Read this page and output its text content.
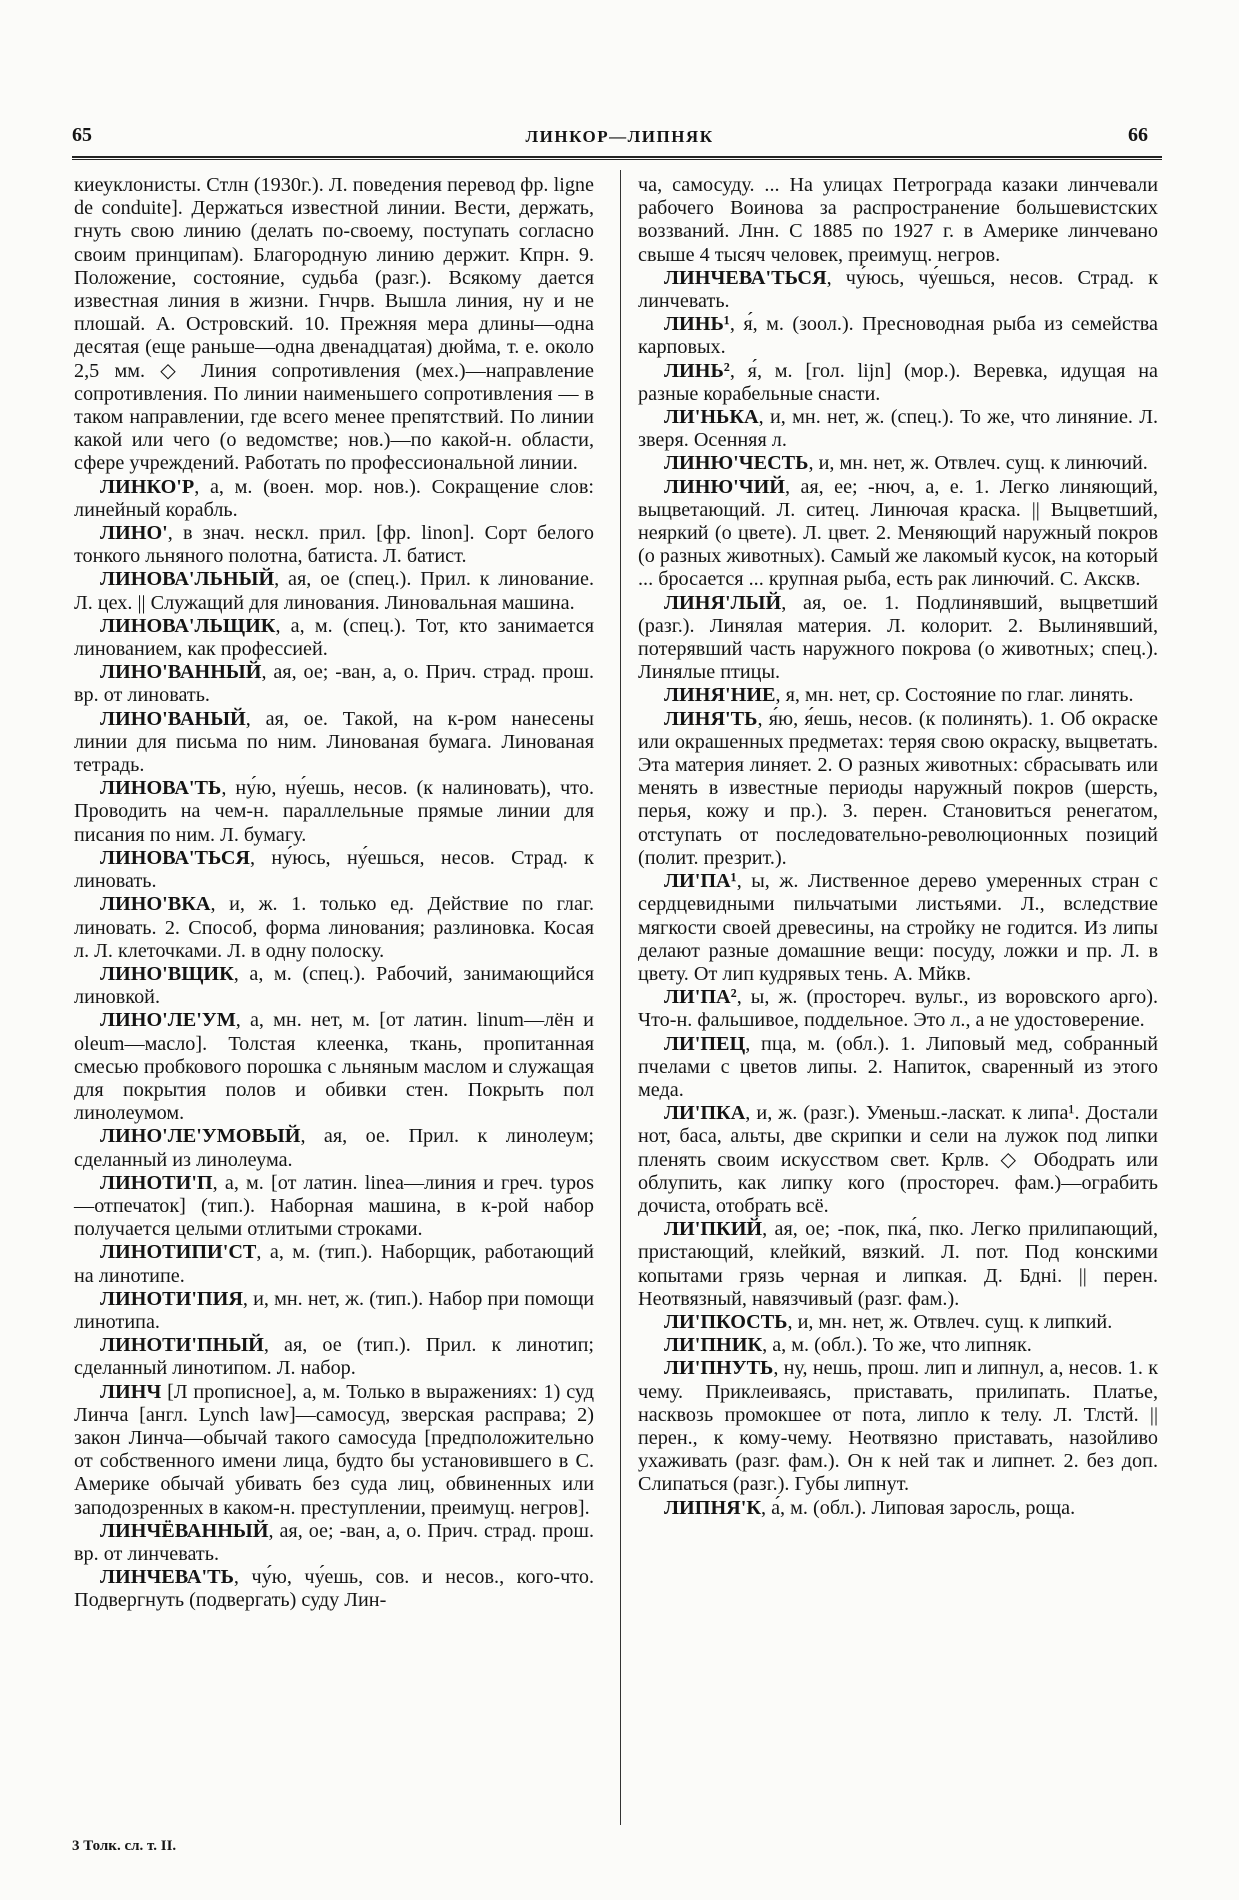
65	ЛИНКОР—ЛИПНЯК	66

киеуклонисты. Стлн (1930г.). Л. поведения перевод фр. ligne de conduite]. Держаться известной линии. Вести, держать, гнуть свою линию (делать по-своему, поступать согласно своим принципам). Благородную линию держит. Кпрн. 9. Положение, состояние, судьба (разг.). Всякому дается известная линия в жизни. Гнчрв. Вышла линия, ну и не плошай. А. Островский. 10. Прежняя мера длины—одна десятая (еще раньше—одна двенадцатая) дюйма, т. е. около 2,5 мм. ◇ Линия сопротивления (мех.)—направление сопротивления. По линии наименьшего сопротивления — в таком направлении, где всего менее препятствий. По линии какой или чего (о ведомстве; нов.)—по какой-н. области, сфере учреждений. Работать по профессиональной линии.

ЛИНКО'Р, а, м. (воен. мор. нов.). Сокращение слов: линейный корабль.

ЛИНО', в знач. нескл. прил. [фр. linon]. Сорт белого тонкого льняного полотна, батиста. Л. батист.

ЛИНОВА'ЛЬНЫЙ, ая, ое (спец.). Прил. к линование. Л. цех. || Служащий для линования. Линовальная машина.

ЛИНОВА'ЛЬЩИК, а, м. (спец.). Тот, кто занимается линованием, как профессией.

ЛИНО'ВАННЫЙ, ая, ое; -ван, а, о. Прич. страд. прош. вр. от линовать.

ЛИНО'ВАНЫЙ, ая, ое. Такой, на к-ром нанесены линии для письма по ним. Линованая бумага. Линованая тетрадь.

ЛИНОВА'ТЬ, ну́ю, ну́ешь, несов. (к налиновать), что. Проводить на чем-н. параллельные прямые линии для писания по ним. Л. бумагу.

ЛИНОВА'ТЬСЯ, ну́юсь, ну́ешься, несов. Страд. к линовать.

ЛИНО'ВКА, и, ж. 1. только ед. Действие по глаг. линовать. 2. Способ, форма линования; разлиновка. Косая л. Л. клеточками. Л. в одну полоску.

ЛИНО'ВЩИК, а, м. (спец.). Рабочий, занимающийся линовкой.

ЛИНО'ЛЕ'УМ, а, мн. нет, м. [от латин. linum—лён и oleum—масло]. Толстая клеенка, ткань, пропитанная смесью пробкового порошка с льняным маслом и служащая для покрытия полов и обивки стен. Покрыть пол линолеумом.

ЛИНО'ЛЕ'УМОВЫЙ, ая, ое. Прил. к линолеум; сделанный из линолеума.

ЛИНОТИ'П, а, м. [от латин. linea—линия и греч. typos—отпечаток] (тип.). Наборная машина, в к-рой набор получается целыми отлитыми строками.

ЛИНОТИПИ'СТ, а, м. (тип.). Наборщик, работающий на линотипе.

ЛИНОТИ'ПИЯ, и, мн. нет, ж. (тип.). Набор при помощи линотипа.

ЛИНОТИ'ПНЫЙ, ая, ое (тип.). Прил. к линотип; сделанный линотипом. Л. набор.

ЛИНЧ [Л прописное], а, м. Только в выражениях: 1) суд Линча [англ. Lynch law]—самосуд, зверская расправа; 2) закон Линча—обычай такого самосуда [предположительно от собственного имени лица, будто бы установившего в С. Америке обычай убивать без суда лиц, обвиненных или заподозренных в каком-н. преступлении, преимущ. негров].

ЛИНЧЁВАННЫЙ, ая, ое; -ван, а, о. Прич. страд. прош. вр. от линчевать.

ЛИНЧЕВА'ТЬ, чу́ю, чу́ешь, сов. и несов., кого-что. Подвергнуть (подвергать) суду Лин-

ча, самосуду. ... На улицах Петрограда казаки линчевали рабочего Воинова за распространение большевистских воззваний. Лнн. С 1885 по 1927 г. в Америке линчевано свыше 4 тысяч человек, преимущ. негров.

ЛИНЧЕВА'ТЬСЯ, чу́юсь, чу́ешься, несов. Страд. к линчевать.

ЛИНЬ¹, я́, м. (зоол.). Пресноводная рыба из семейства карповых.

ЛИНЬ², я́, м. [гол. lijn] (мор.). Веревка, идущая на разные корабельные снасти.

ЛИ'НЬКА, и, мн. нет, ж. (спец.). То же, что линяние. Л. зверя. Осенняя л.

ЛИНЮ'ЧЕСТЬ, и, мн. нет, ж. Отвлеч. сущ. к линючий.

ЛИНЮ'ЧИЙ, ая, ее; -нюч, а, е. 1. Легко линяющий, выцветающий. Л. ситец. Линючая краска. || Выцветший, неяркий (о цвете). Л. цвет. 2. Меняющий наружный покров (о разных животных). Самый же лакомый кусок, на который ... бросается ... крупная рыба, есть рак линючий. С. Акскв.

ЛИНЯ'ЛЫЙ, ая, ое. 1. Подлинявший, выцветший (разг.). Линялая материя. Л. колорит. 2. Вылинявший, потерявший часть наружного покрова (о животных; спец.). Линялые птицы.

ЛИНЯ'НИЕ, я, мн. нет, ср. Состояние по глаг. линять.

ЛИНЯ'ТЬ, я́ю, я́ешь, несов. (к полинять). 1. Об окраске или окрашенных предметах: теряя свою окраску, выцветать. Эта материя линяет. 2. О разных животных: сбрасывать или менять в известные периоды наружный покров (шерсть, перья, кожу и пр.). 3. перен. Становиться ренегатом, отступать от последовательно-революционных позиций (полит. презрит.).

ЛИ'ПА¹, ы, ж. Лиственное дерево умеренных стран с сердцевидными пильчатыми листьями. Л., вследствие мягкости своей древесины, на стройку не годится. Из липы делают разные домашние вещи: посуду, ложки и пр. Л. в цвету. От лип кудрявых тень. А. Мйкв.

ЛИ'ПА², ы, ж. (простореч. вульг., из воровского арго). Что-н. фальшивое, поддельное. Это л., а не удостоверение.

ЛИ'ПЕЦ, пца, м. (обл.). 1. Липовый мед, собранный пчелами с цветов липы. 2. Напиток, сваренный из этого меда.

ЛИ'ПКА, и, ж. (разг.). Уменьш.-ласкат. к липа¹. Достали нот, баса, альты, две скрипки и сели на лужок под липки пленять своим искусством свет. Крлв. ◇ Ободрать или облупить, как липку кого (простореч. фам.)—ограбить дочиста, отобрать всё.

ЛИ'ПКИЙ, ая, ое; -пок, пка́, пко. Легко прилипающий, пристающий, клейкий, вязкий. Л. пот. Под конскими копытами грязь черная и липкая. Д. Бдні. || перен. Неотвязный, навязчивый (разг. фам.).

ЛИ'ПКОСТЬ, и, мн. нет, ж. Отвлеч. сущ. к липкий.

ЛИ'ПНИК, а, м. (обл.). То же, что липняк.

ЛИ'ПНУТЬ, ну, нешь, прош. лип и липнул, а, несов. 1. к чему. Приклеиваясь, приставать, прилипать. Платье, насквозь промокшее от пота, липло к телу. Л. Тлстй. || перен., к кому-чему. Неотвязно приставать, назойливо ухаживать (разг. фам.). Он к ней так и липнет. 2. без доп. Слипаться (разг.). Губы липнут.

ЛИПНЯ'К, а́, м. (обл.). Липовая заросль, роща.

3 Толк. сл. т. II.
